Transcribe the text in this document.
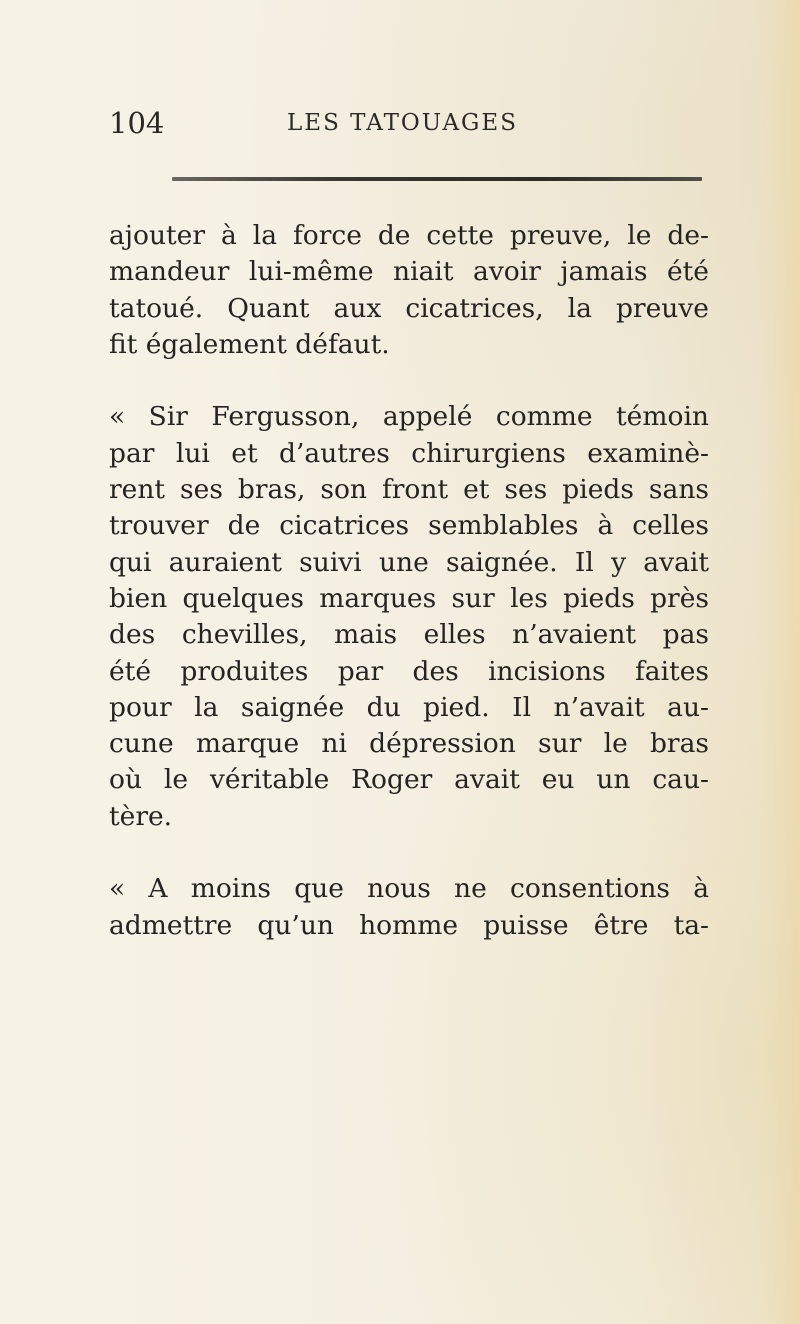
104	LES TATOUAGES
ajouter à la force de cette preuve, le de-
mandeur lui-même niait avoir jamais été
tatoué. Quant aux cicatrices, la preuve
fit également défaut.
« Sir Fergusson, appelé comme témoin
par lui et d’autres chirurgiens examinè-
rent ses bras, son front et ses pieds sans
trouver de cicatrices semblables à celles
qui auraient suivi une saignée. Il y avait
bien quelques marques sur les pieds près
des chevilles, mais elles n’avaient pas
été produites par des incisions faites
pour la saignée du pied. Il n’avait au-
cune marque ni dépression sur le bras
où le véritable Roger avait eu un cau-
tère.
« A moins que nous ne consentions à
admettre qu’un homme puisse être ta-
